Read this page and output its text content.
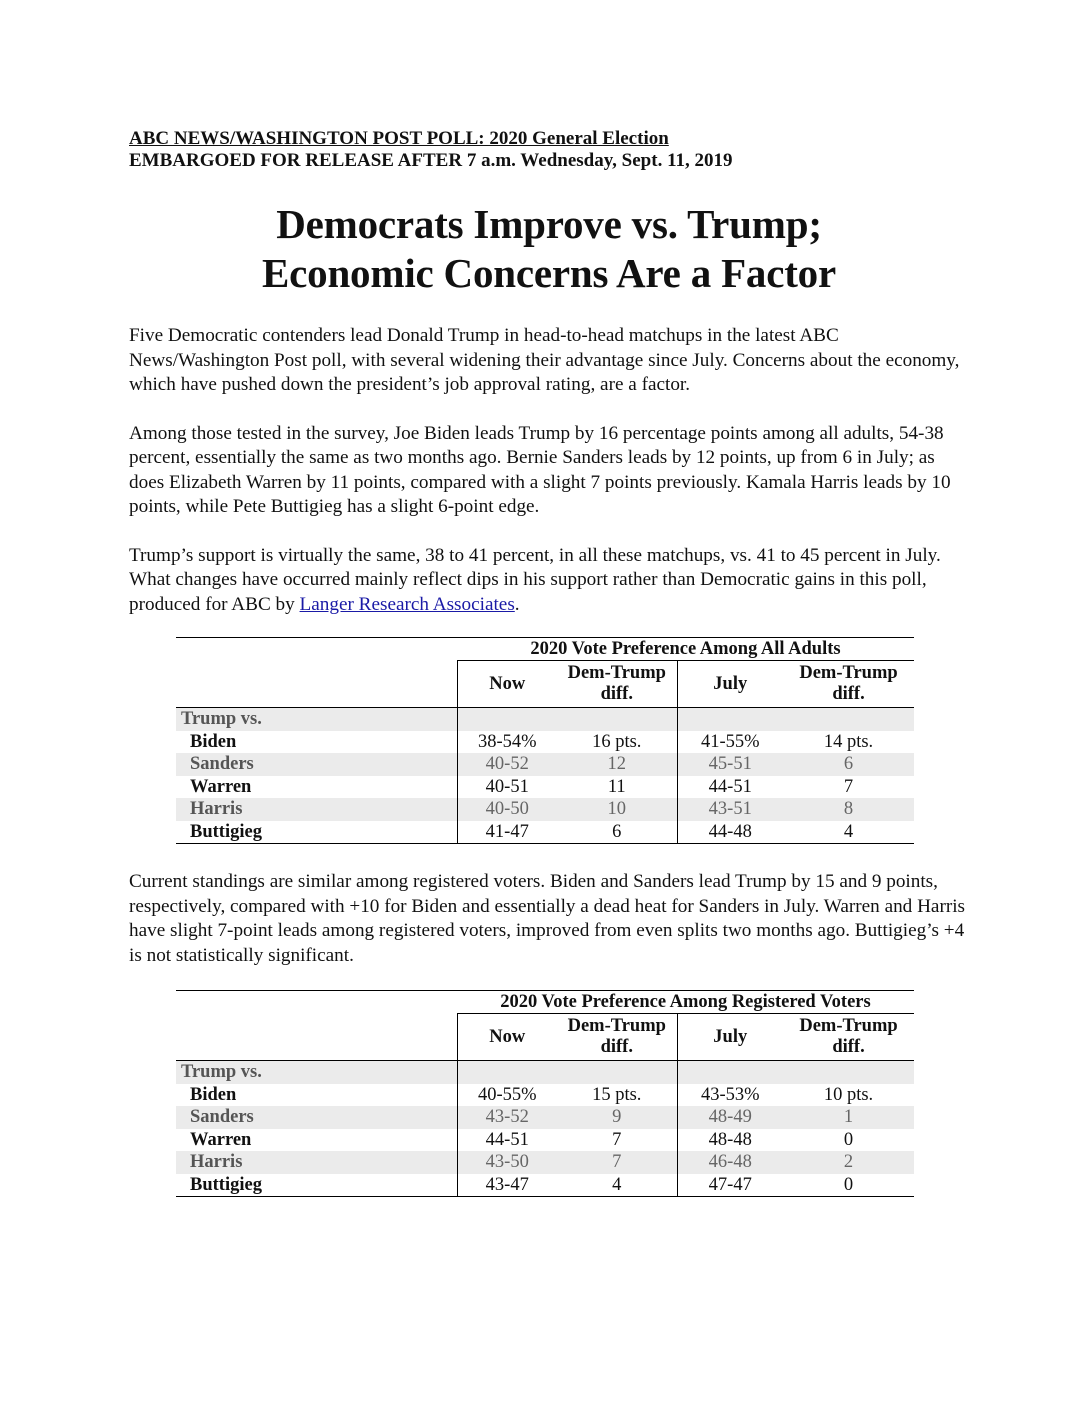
ABC NEWS/WASHINGTON POST POLL: 2020 General Election
EMBARGOED FOR RELEASE AFTER 7 a.m. Wednesday, Sept. 11, 2019
Democrats Improve vs. Trump;
Economic Concerns Are a Factor

Five Democratic contenders lead Donald Trump in head-to-head matchups in the latest ABC News/Washington Post poll, with several widening their advantage since July. Concerns about the economy, which have pushed down the president’s job approval rating, are a factor.

Among those tested in the survey, Joe Biden leads Trump by 16 percentage points among all adults, 54-38 percent, essentially the same as two months ago. Bernie Sanders leads by 12 points, up from 6 in July; as does Elizabeth Warren by 11 points, compared with a slight 7 points previously. Kamala Harris leads by 10 points, while Pete Buttigieg has a slight 6-point edge.

Trump’s support is virtually the same, 38 to 41 percent, in all these matchups, vs. 41 to 45 percent in July. What changes have occurred mainly reflect dips in his support rather than Democratic gains in this poll, produced for ABC by Langer Research Associates.

	2020 Vote Preference Among All Adults			
	Now	Dem-Trump diff.	July	Dem-Trump diff.
Trump vs.				
Biden	38-54%	16 pts.	41-55%	14 pts.
Sanders	40-52	12	45-51	6
Warren	40-51	11	44-51	7
Harris	40-50	10	43-51	8
Buttigieg	41-47	6	44-48	4

Current standings are similar among registered voters. Biden and Sanders lead Trump by 15 and 9 points, respectively, compared with +10 for Biden and essentially a dead heat for Sanders in July. Warren and Harris have slight 7-point leads among registered voters, improved from even splits two months ago. Buttigieg’s +4 is not statistically significant.

	2020 Vote Preference Among Registered Voters			
	Now	Dem-Trump diff.	July	Dem-Trump diff.
Trump vs.				
Biden	40-55%	15 pts.	43-53%	10 pts.
Sanders	43-52	9	48-49	1
Warren	44-51	7	48-48	0
Harris	43-50	7	46-48	2
Buttigieg	43-47	4	47-47	0
